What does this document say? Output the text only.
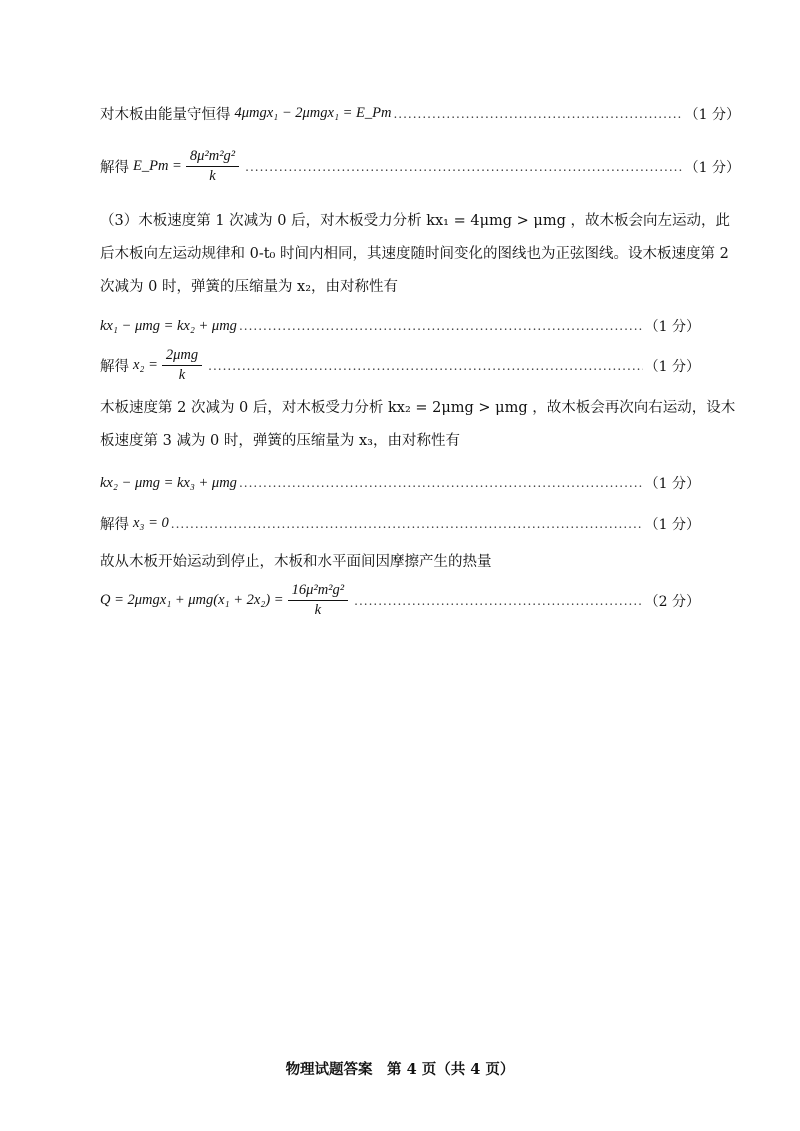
对木板由能量守恒得 4μmgx₁ − 2μmgx₁ = E_Pm .....	（1 分）
解得 E_Pm = $\frac{\text{8μ²m²g²}}{k}$ .....	（1 分）
（3）木板速度第 1 次减为 0 后，对木板受力分析 kx₁ = 4μmg > μmg ，故木板会向左运动，此后木板向左运动规律和 0-t₀ 时间内相同，其速度随时间变化的图线也为正弦图线。设木板速度第 2 次减为 0 时，弹簧的压缩量为 x₂，由对称性有
kx₁ − μmg = kx₂ + μmg .....	（1 分）
解得 $x_2 = \frac{\text{2μmg}}{k}$ .....	（1 分）
木板速度第 2 次减为 0 后，对木板受力分析 kx₂ = 2μmg > μmg ，故木板会再次向右运动，设木板速度第 3 减为 0 时，弹簧的压缩量为 x₃，由对称性有
kx₂ − μmg = kx₃ + μmg .....	（1 分）
解得 x₃ = 0 .....	（1 分）
故从木板开始运动到停止，木板和水平面间因摩擦产生的热量
$Q = 2\mu mgx_1 + \mu mg(x_1 + 2x_2) = \frac{\text{16μ²m²g²}}{k}$ .....	（2 分）
物理试题答案　第 4 页（共 4 页）
